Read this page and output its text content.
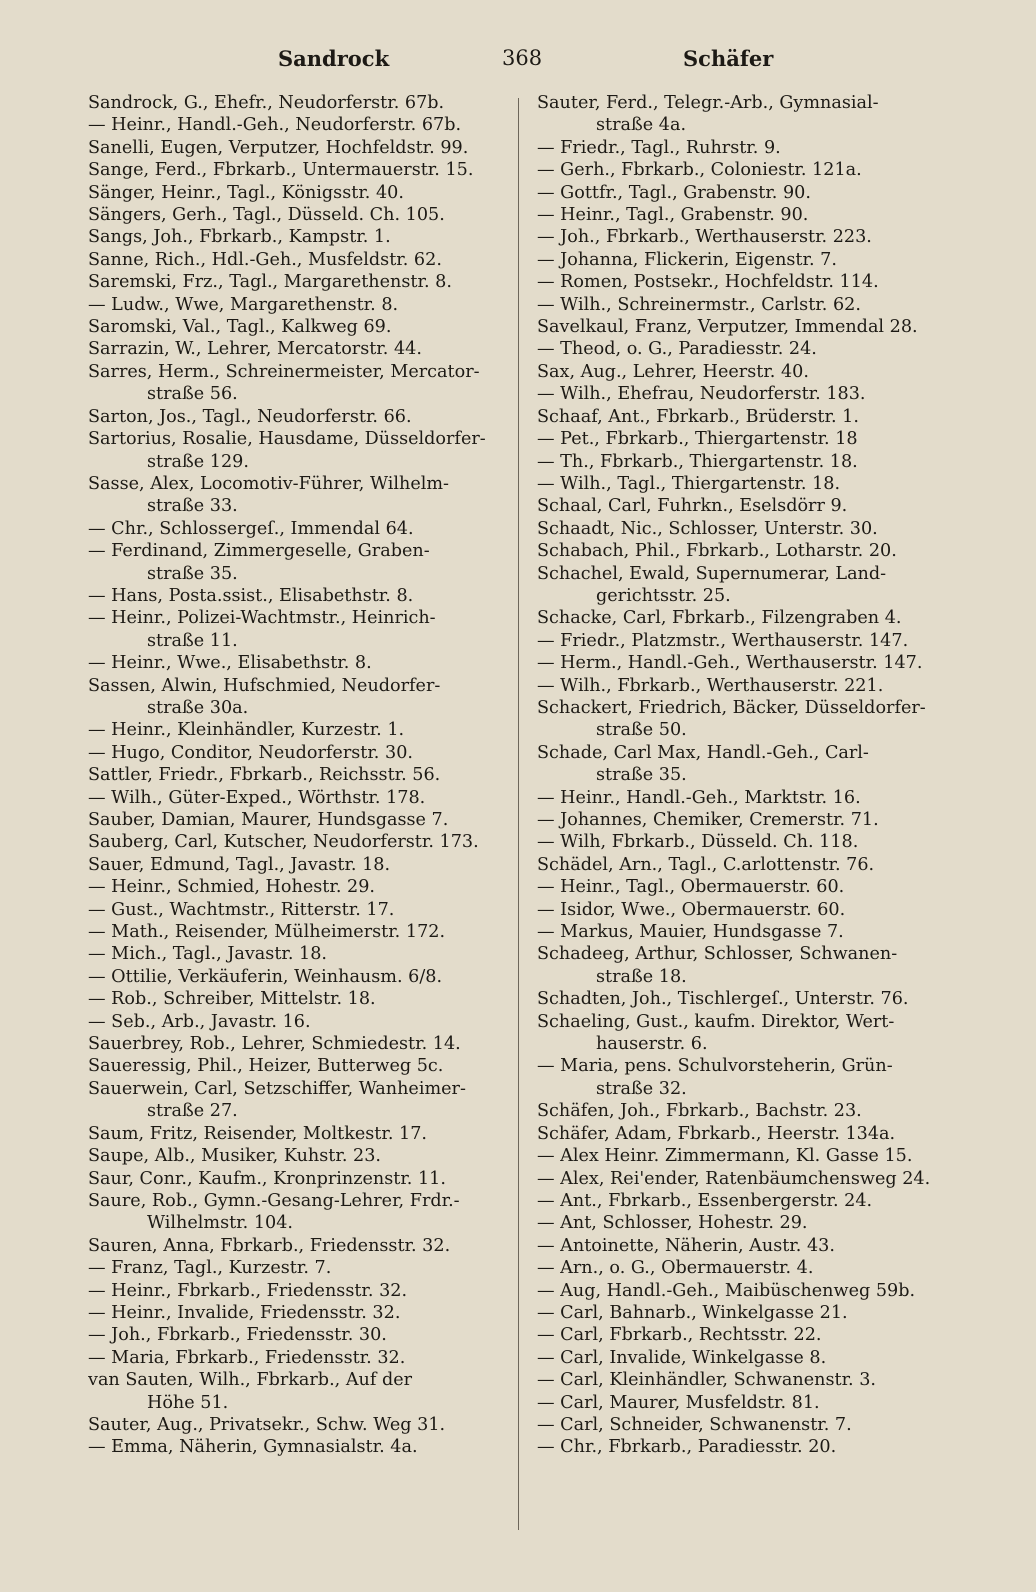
Sandrock	368	Schäfer
Sandrock, G., Ehefr., Neudorferstr. 67b.
— Heinr., Handl.-Geh., Neudorferstr. 67b.
Sanelli, Eugen, Verputzer, Hochfeldstr. 99.
Sange, Ferd., Fbrkarb., Untermauerstr. 15.
Sänger, Heinr., Tagl., Königsstr. 40.
Sängers, Gerh., Tagl., Düsseld. Ch. 105.
Sangs, Joh., Fbrkarb., Kampstr. 1.
Sanne, Rich., Hdl.-Geh., Musfeldstr. 62.
Saremski, Frz., Tagl., Margarethenstr. 8.
— Ludw., Wwe, Margarethenstr. 8.
Saromski, Val., Tagl., Kalkweg 69.
Sarrazin, W., Lehrer, Mercatorstr. 44.
Sarres, Herm., Schreinermeister, Mercator-
straße 56.
Sarton, Jos., Tagl., Neudorferstr. 66.
Sartorius, Rosalie, Hausdame, Düsseldorfer-
straße 129.
Sasse, Alex, Locomotiv-Führer, Wilhelm-
straße 33.
— Chr., Schlossergeſ., Immendal 64.
— Ferdinand, Zimmergeselle, Graben-
straße 35.
— Hans, Posta.ssist., Elisabethstr. 8.
— Heinr., Polizei-Wachtmstr., Heinrich-
straße 11.
— Heinr., Wwe., Elisabethstr. 8.
Sassen, Alwin, Hufschmied, Neudorfer-
straße 30a.
— Heinr., Kleinhändler, Kurzestr. 1.
— Hugo, Conditor, Neudorferstr. 30.
Sattler, Friedr., Fbrkarb., Reichsstr. 56.
— Wilh., Güter-Exped., Wörthstr. 178.
Sauber, Damian, Maurer, Hundsgasse 7.
Sauberg, Carl, Kutscher, Neudorferstr. 173.
Sauer, Edmund, Tagl., Javastr. 18.
— Heinr., Schmied, Hohestr. 29.
— Gust., Wachtmstr., Ritterstr. 17.
— Math., Reisender, Mülheimerstr. 172.
— Mich., Tagl., Javastr. 18.
— Ottilie, Verkäuferin, Weinhausm. 6/8.
— Rob., Schreiber, Mittelstr. 18.
— Seb., Arb., Javastr. 16.
Sauerbrey, Rob., Lehrer, Schmiedestr. 14.
Saueressig, Phil., Heizer, Butterweg 5c.
Sauerwein, Carl, Setzschiffer, Wanheimer-
straße 27.
Saum, Fritz, Reisender, Moltkestr. 17.
Saupe, Alb., Musiker, Kuhstr. 23.
Saur, Conr., Kaufm., Kronprinzenstr. 11.
Saure, Rob., Gymn.-Gesang-Lehrer, Frdr.-
Wilhelmstr. 104.
Sauren, Anna, Fbrkarb., Friedensstr. 32.
— Franz, Tagl., Kurzestr. 7.
— Heinr., Fbrkarb., Friedensstr. 32.
— Heinr., Invalide, Friedensstr. 32.
— Joh., Fbrkarb., Friedensstr. 30.
— Maria, Fbrkarb., Friedensstr. 32.
van Sauten, Wilh., Fbrkarb., Auf der
Höhe 51.
Sauter, Aug., Privatsekr., Schw. Weg 31.
— Emma, Näherin, Gymnasialstr. 4a.
Sauter, Ferd., Telegr.-Arb., Gymnasial-
straße 4a.
— Friedr., Tagl., Ruhrstr. 9.
— Gerh., Fbrkarb., Coloniestr. 121a.
— Gottfr., Tagl., Grabenstr. 90.
— Heinr., Tagl., Grabenstr. 90.
— Joh., Fbrkarb., Werthauserstr. 223.
— Johanna, Flickerin, Eigenstr. 7.
— Romen, Postsekr., Hochfeldstr. 114.
— Wilh., Schreinermstr., Carlstr. 62.
Savelkaul, Franz, Verputzer, Immendal 28.
— Theod, o. G., Paradiesstr. 24.
Sax, Aug., Lehrer, Heerstr. 40.
— Wilh., Ehefrau, Neudorferstr. 183.
Schaaf, Ant., Fbrkarb., Brüderstr. 1.
— Pet., Fbrkarb., Thiergartenstr. 18
— Th., Fbrkarb., Thiergartenstr. 18.
— Wilh., Tagl., Thiergartenstr. 18.
Schaal, Carl, Fuhrkn., Eselsdörr 9.
Schaadt, Nic., Schlosser, Unterstr. 30.
Schabach, Phil., Fbrkarb., Lotharstr. 20.
Schachel, Ewald, Supernumerar, Land-
gerichtsstr. 25.
Schacke, Carl, Fbrkarb., Filzengraben 4.
— Friedr., Platzmstr., Werthauserstr. 147.
— Herm., Handl.-Geh., Werthauserstr. 147.
— Wilh., Fbrkarb., Werthauserstr. 221.
Schackert, Friedrich, Bäcker, Düsseldorfer-
straße 50.
Schade, Carl Max, Handl.-Geh., Carl-
straße 35.
— Heinr., Handl.-Geh., Marktstr. 16.
— Johannes, Chemiker, Cremerstr. 71.
— Wilh, Fbrkarb., Düsseld. Ch. 118.
Schädel, Arn., Tagl., C.arlottenstr. 76.
— Heinr., Tagl., Obermauerstr. 60.
— Isidor, Wwe., Obermauerstr. 60.
— Markus, Mauier, Hundsgasse 7.
Schadeeg, Arthur, Schlosser, Schwanen-
straße 18.
Schadten, Joh., Tischlergeſ., Unterstr. 76.
Schaeling, Gust., kaufm. Direktor, Wert-
hauserstr. 6.
— Maria, pens. Schulvorsteherin, Grün-
straße 32.
Schäfen, Joh., Fbrkarb., Bachstr. 23.
Schäfer, Adam, Fbrkarb., Heerstr. 134a.
— Alex Heinr. Zimmermann, Kl. Gasse 15.
— Alex, Rei'ender, Ratenbäumchensweg 24.
— Ant., Fbrkarb., Essenbergerstr. 24.
— Ant, Schlosser, Hohestr. 29.
— Antoinette, Näherin, Austr. 43.
— Arn., o. G., Obermauerstr. 4.
— Aug, Handl.-Geh., Maibüschenweg 59b.
— Carl, Bahnarb., Winkelgasse 21.
— Carl, Fbrkarb., Rechtsstr. 22.
— Carl, Invalide, Winkelgasse 8.
— Carl, Kleinhändler, Schwanenstr. 3.
— Carl, Maurer, Musfeldstr. 81.
— Carl, Schneider, Schwanenstr. 7.
— Chr., Fbrkarb., Paradiesstr. 20.
